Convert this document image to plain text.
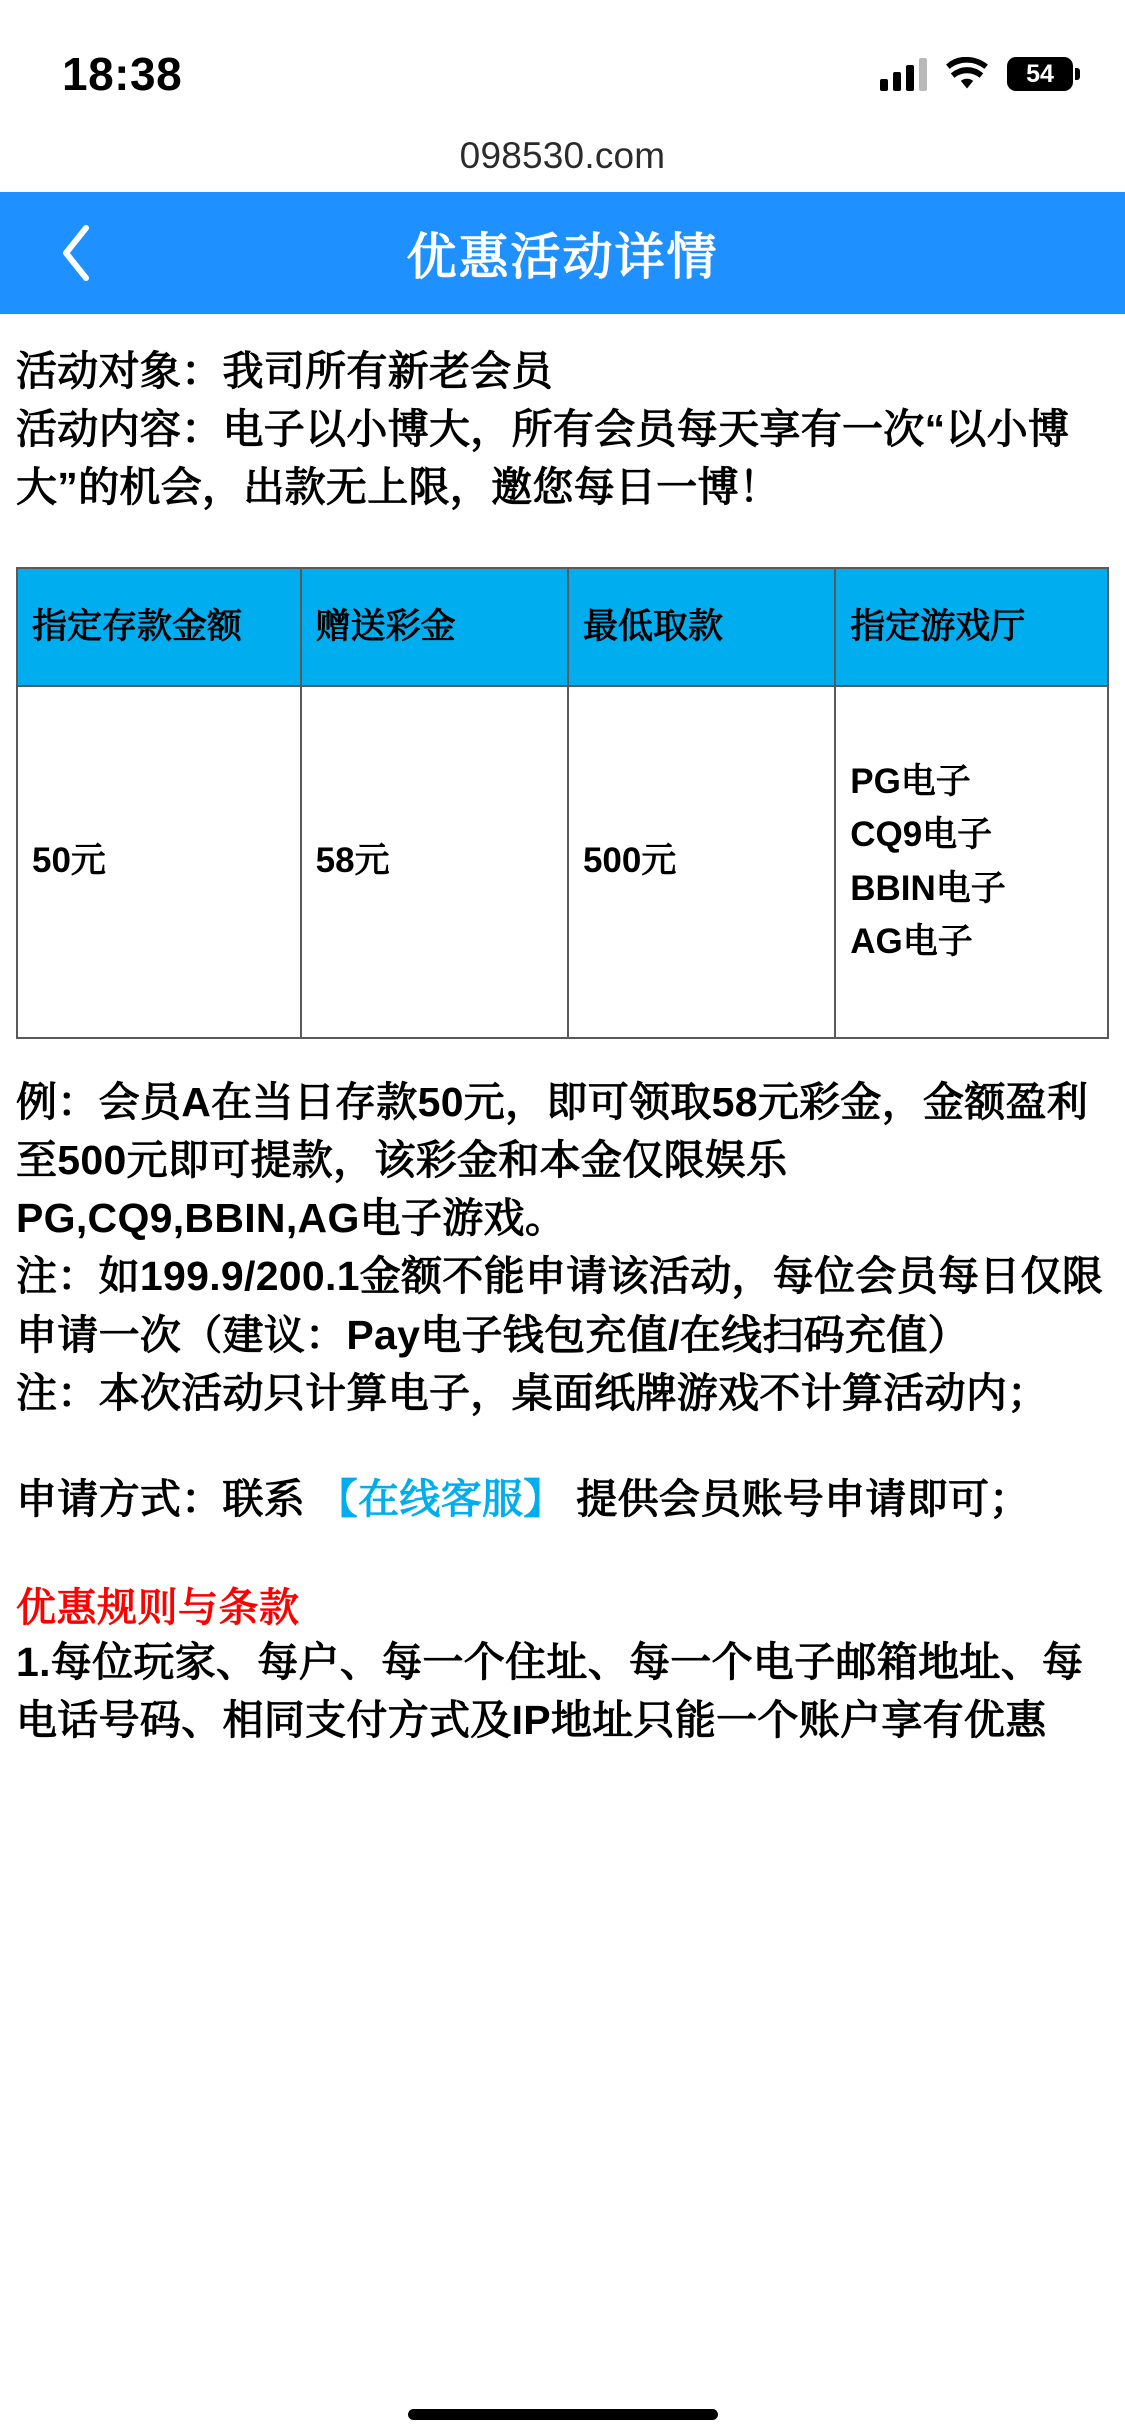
18:38	54
098530.com
优惠活动详情
活动对象：我司所有新老会员
活动内容：电子以小博大，所有会员每天享有一次“以小博大”的机会，出款无上限，邀您每日一博！
指定存款金额	赠送彩金	最低取款	指定游戏厅
50元	58元	500元	PG电子
CQ9电子
BBIN电子
AG电子
例：会员A在当日存款50元，即可领取58元彩金，金额盈利至500元即可提款，该彩金和本金仅限娱乐PG,CQ9,BBIN,AG电子游戏。
注：如199.9/200.1金额不能申请该活动，每位会员每日仅限申请一次（建议：Pay电子钱包充值/在线扫码充值）
注：本次活动只计算电子，桌面纸牌游戏不计算活动内；
申请方式：联系 【在线客服】 提供会员账号申请即可；
优惠规则与条款
1.每位玩家、每户、每一个住址、每一个电子邮箱地址、每电话号码、相同支付方式及IP地址只能一个账户享有优惠
